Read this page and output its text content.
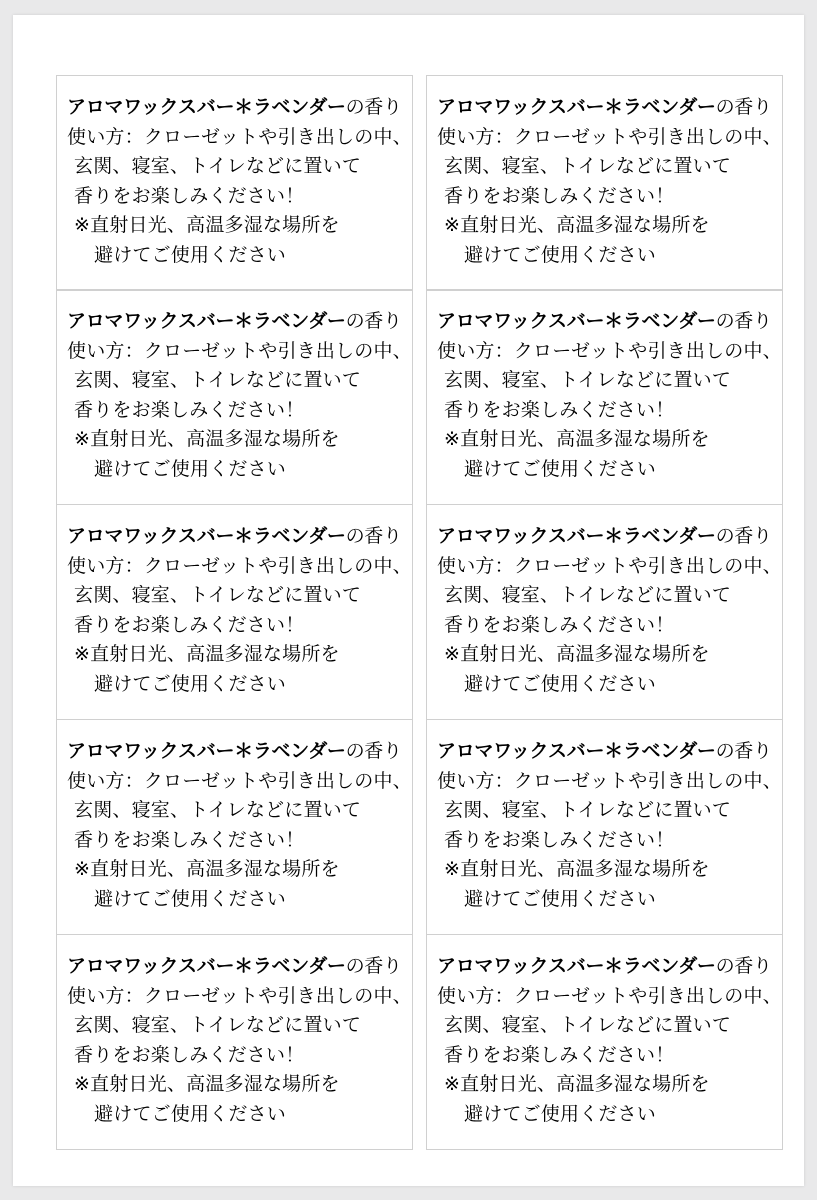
アロマワックスバー＊ラベンダーの香り
使い方：クローゼットや引き出しの中、
玄関、寝室、トイレなどに置いて
香りをお楽しみください！
※直射日光、高温多湿な場所を
避けてご使用ください
アロマワックスバー＊ラベンダーの香り
使い方：クローゼットや引き出しの中、
玄関、寝室、トイレなどに置いて
香りをお楽しみください！
※直射日光、高温多湿な場所を
避けてご使用ください
アロマワックスバー＊ラベンダーの香り
使い方：クローゼットや引き出しの中、
玄関、寝室、トイレなどに置いて
香りをお楽しみください！
※直射日光、高温多湿な場所を
避けてご使用ください
アロマワックスバー＊ラベンダーの香り
使い方：クローゼットや引き出しの中、
玄関、寝室、トイレなどに置いて
香りをお楽しみください！
※直射日光、高温多湿な場所を
避けてご使用ください
アロマワックスバー＊ラベンダーの香り
使い方：クローゼットや引き出しの中、
玄関、寝室、トイレなどに置いて
香りをお楽しみください！
※直射日光、高温多湿な場所を
避けてご使用ください
アロマワックスバー＊ラベンダーの香り
使い方：クローゼットや引き出しの中、
玄関、寝室、トイレなどに置いて
香りをお楽しみください！
※直射日光、高温多湿な場所を
避けてご使用ください
アロマワックスバー＊ラベンダーの香り
使い方：クローゼットや引き出しの中、
玄関、寝室、トイレなどに置いて
香りをお楽しみください！
※直射日光、高温多湿な場所を
避けてご使用ください
アロマワックスバー＊ラベンダーの香り
使い方：クローゼットや引き出しの中、
玄関、寝室、トイレなどに置いて
香りをお楽しみください！
※直射日光、高温多湿な場所を
避けてご使用ください
アロマワックスバー＊ラベンダーの香り
使い方：クローゼットや引き出しの中、
玄関、寝室、トイレなどに置いて
香りをお楽しみください！
※直射日光、高温多湿な場所を
避けてご使用ください
アロマワックスバー＊ラベンダーの香り
使い方：クローゼットや引き出しの中、
玄関、寝室、トイレなどに置いて
香りをお楽しみください！
※直射日光、高温多湿な場所を
避けてご使用ください
